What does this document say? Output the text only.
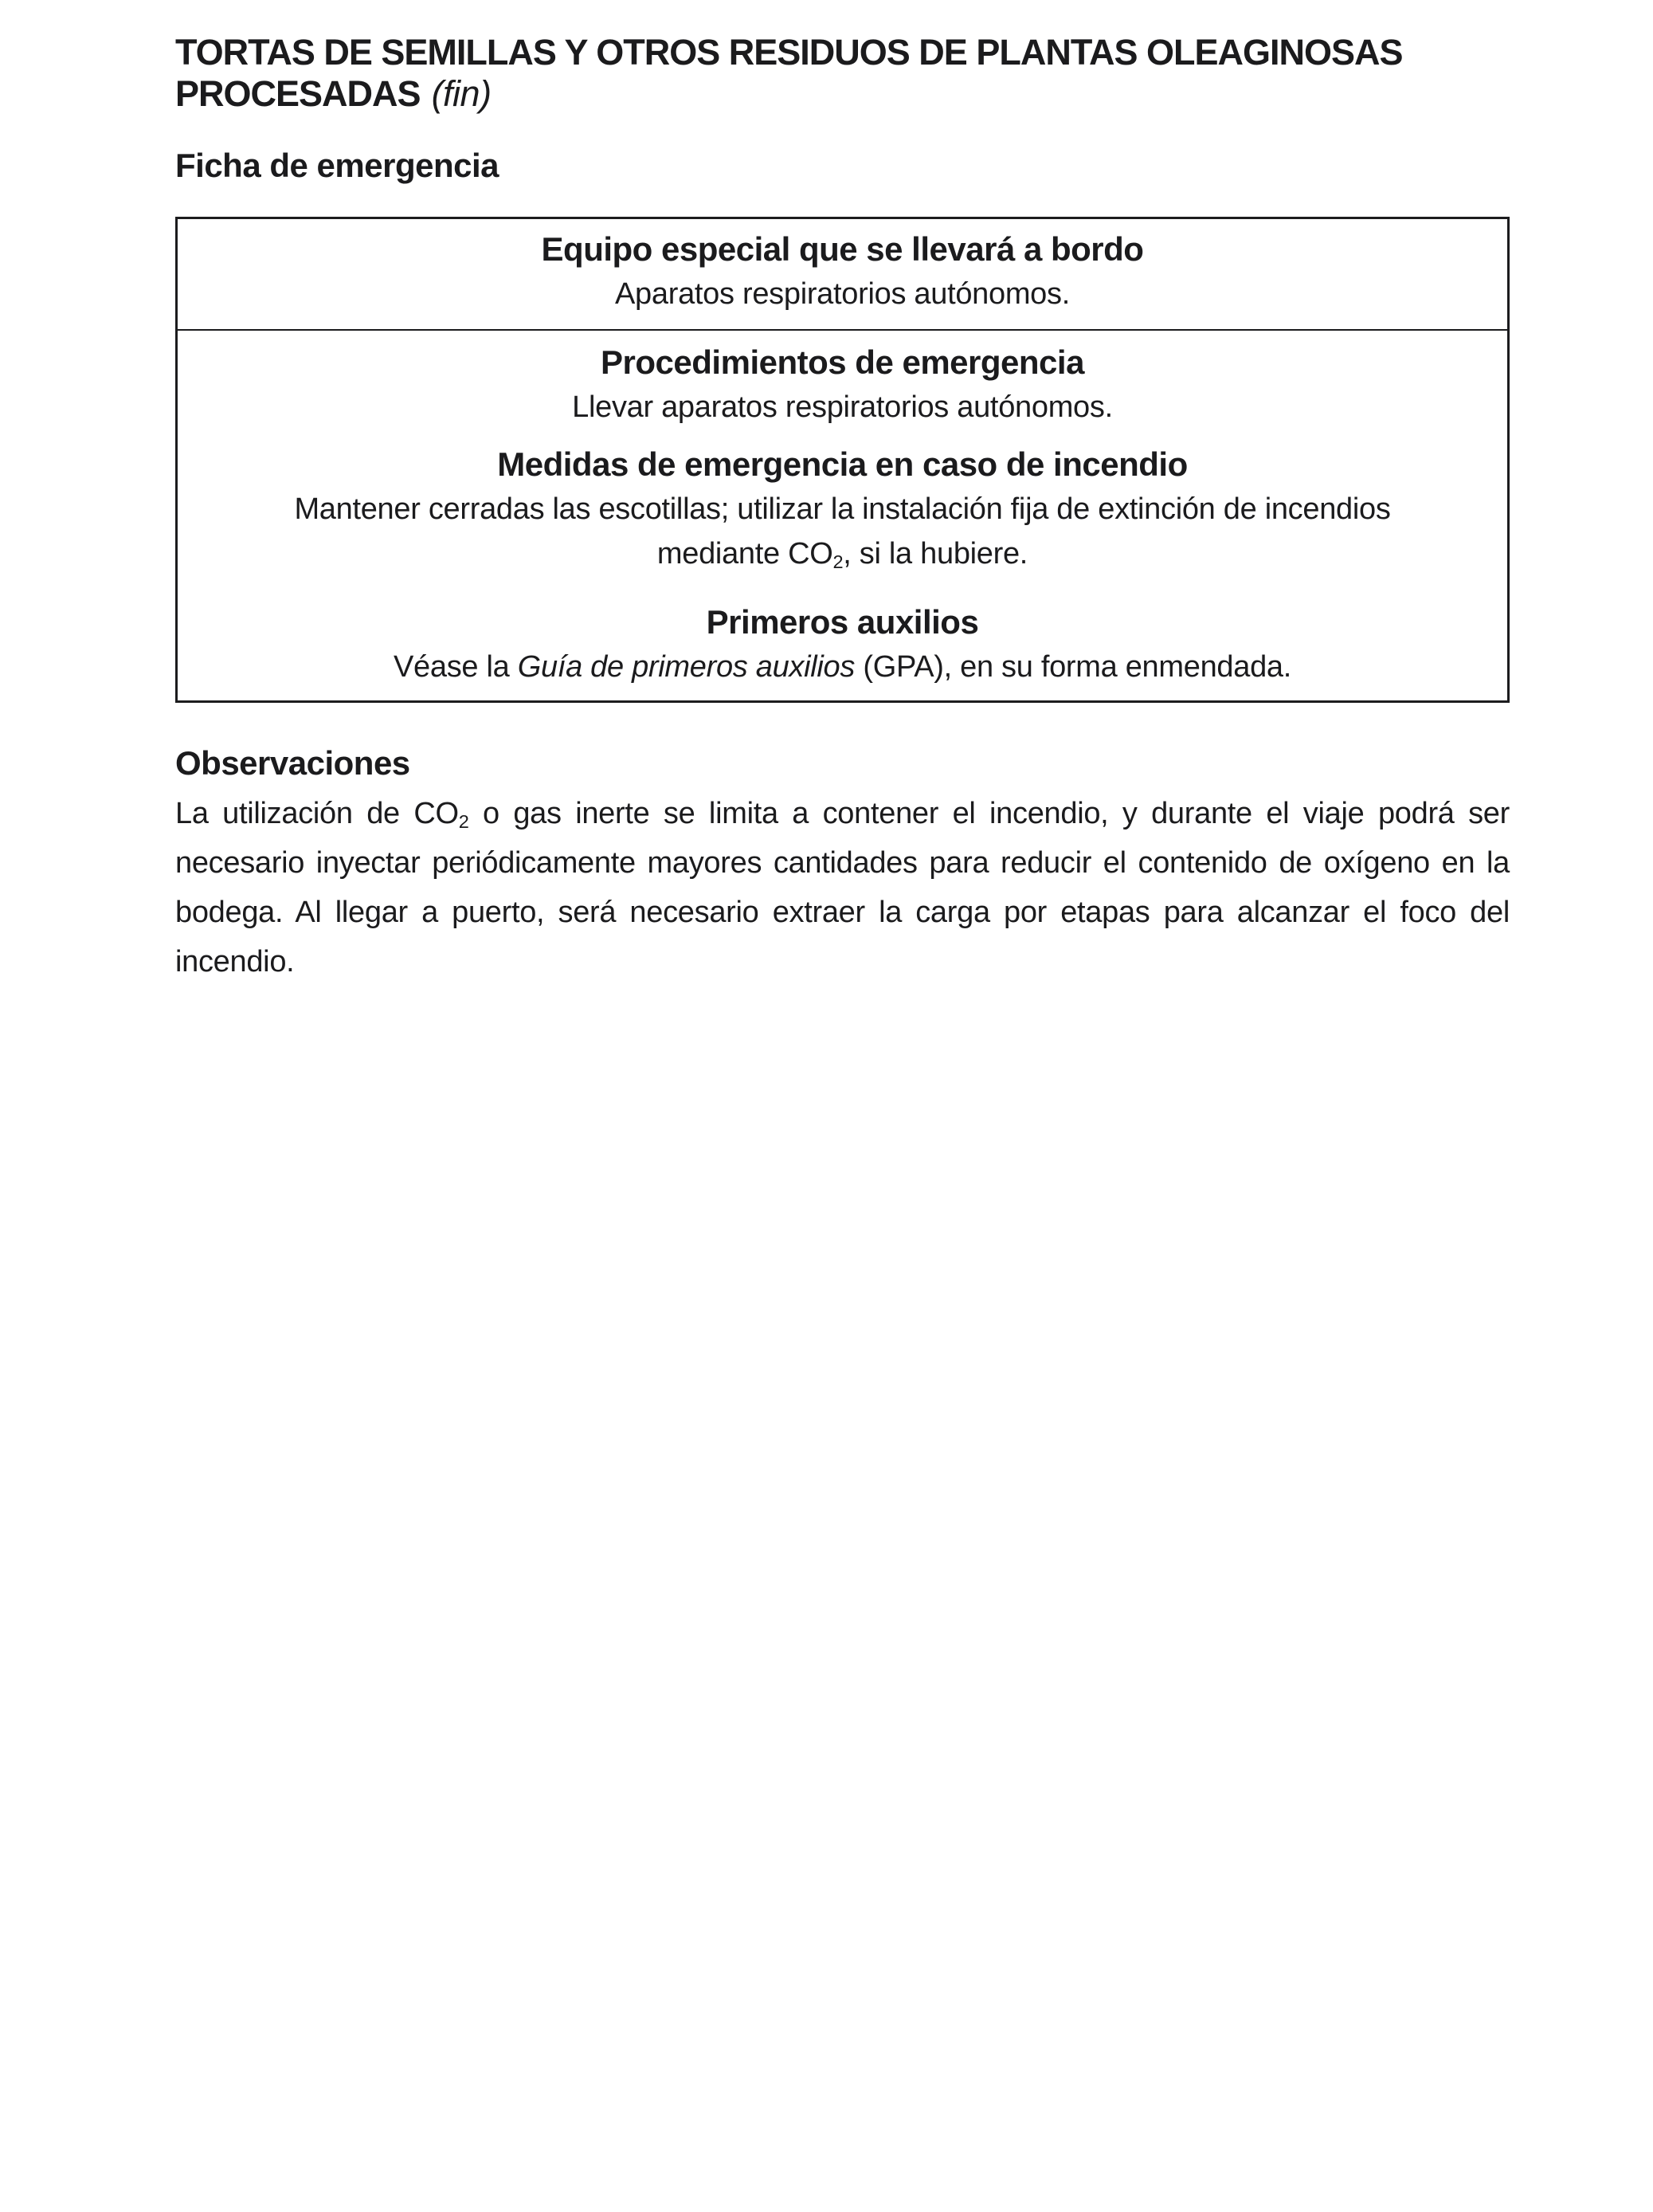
TORTAS DE SEMILLAS Y OTROS RESIDUOS DE PLANTAS OLEAGINOSAS
PROCESADAS (fin)
Ficha de emergencia
Equipo especial que se llevará a bordo
Aparatos respiratorios autónomos.
Procedimientos de emergencia
Llevar aparatos respiratorios autónomos.
Medidas de emergencia en caso de incendio
Mantener cerradas las escotillas; utilizar la instalación fija de extinción de incendios
mediante $CO_2$, si la hubiere.
Primeros auxilios
Véase la Guía de primeros auxilios (GPA), en su forma enmendada.
Observaciones

La utilización de $CO_2$ o gas inerte se limita a contener el incendio, y durante el viaje podrá ser necesario inyectar periódicamente mayores cantidades para reducir el contenido de oxígeno en la bodega. Al llegar a puerto, será necesario extraer la carga por etapas para alcanzar el foco del incendio.
